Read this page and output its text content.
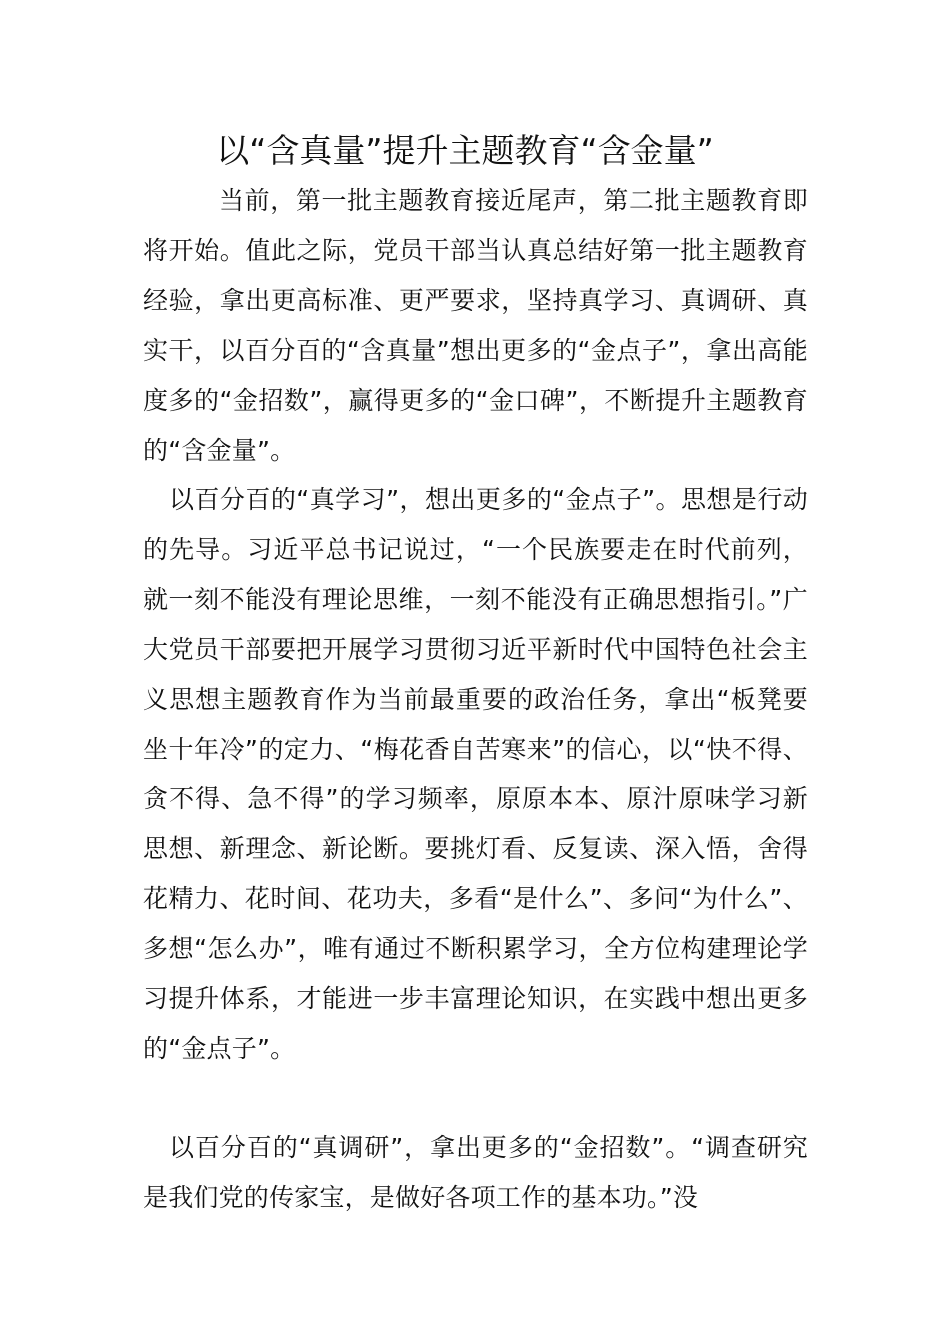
以“含真量”提升主题教育“含金量”

当前，第一批主题教育接近尾声，第二批主题教育即将开始。值此之际，党员干部当认真总结好第一批主题教育经验，拿出更高标准、更严要求，坚持真学习、真调研、真实干，以百分百的“含真量”想出更多的“金点子”，拿出高能度多的“金招数”，赢得更多的“金口碑”，不断提升主题教育的“含金量”。

以百分百的“真学习”，想出更多的“金点子”。思想是行动的先导。习近平总书记说过，“一个民族要走在时代前列，就一刻不能没有理论思维，一刻不能没有正确思想指引。”广大党员干部要把开展学习贯彻习近平新时代中国特色社会主义思想主题教育作为当前最重要的政治任务，拿出“板凳要坐十年冷”的定力、“梅花香自苦寒来”的信心，以“快不得、贪不得、急不得”的学习频率，原原本本、原汁原味学习新思想、新理念、新论断。要挑灯看、反复读、深入悟，舍得花精力、花时间、花功夫，多看“是什么”、多问“为什么”、多想“怎么办”，唯有通过不断积累学习，全方位构建理论学习提升体系，才能进一步丰富理论知识，在实践中想出更多的“金点子”。

以百分百的“真调研”，拿出更多的“金招数”。“调查研究是我们党的传家宝，是做好各项工作的基本功。”没
